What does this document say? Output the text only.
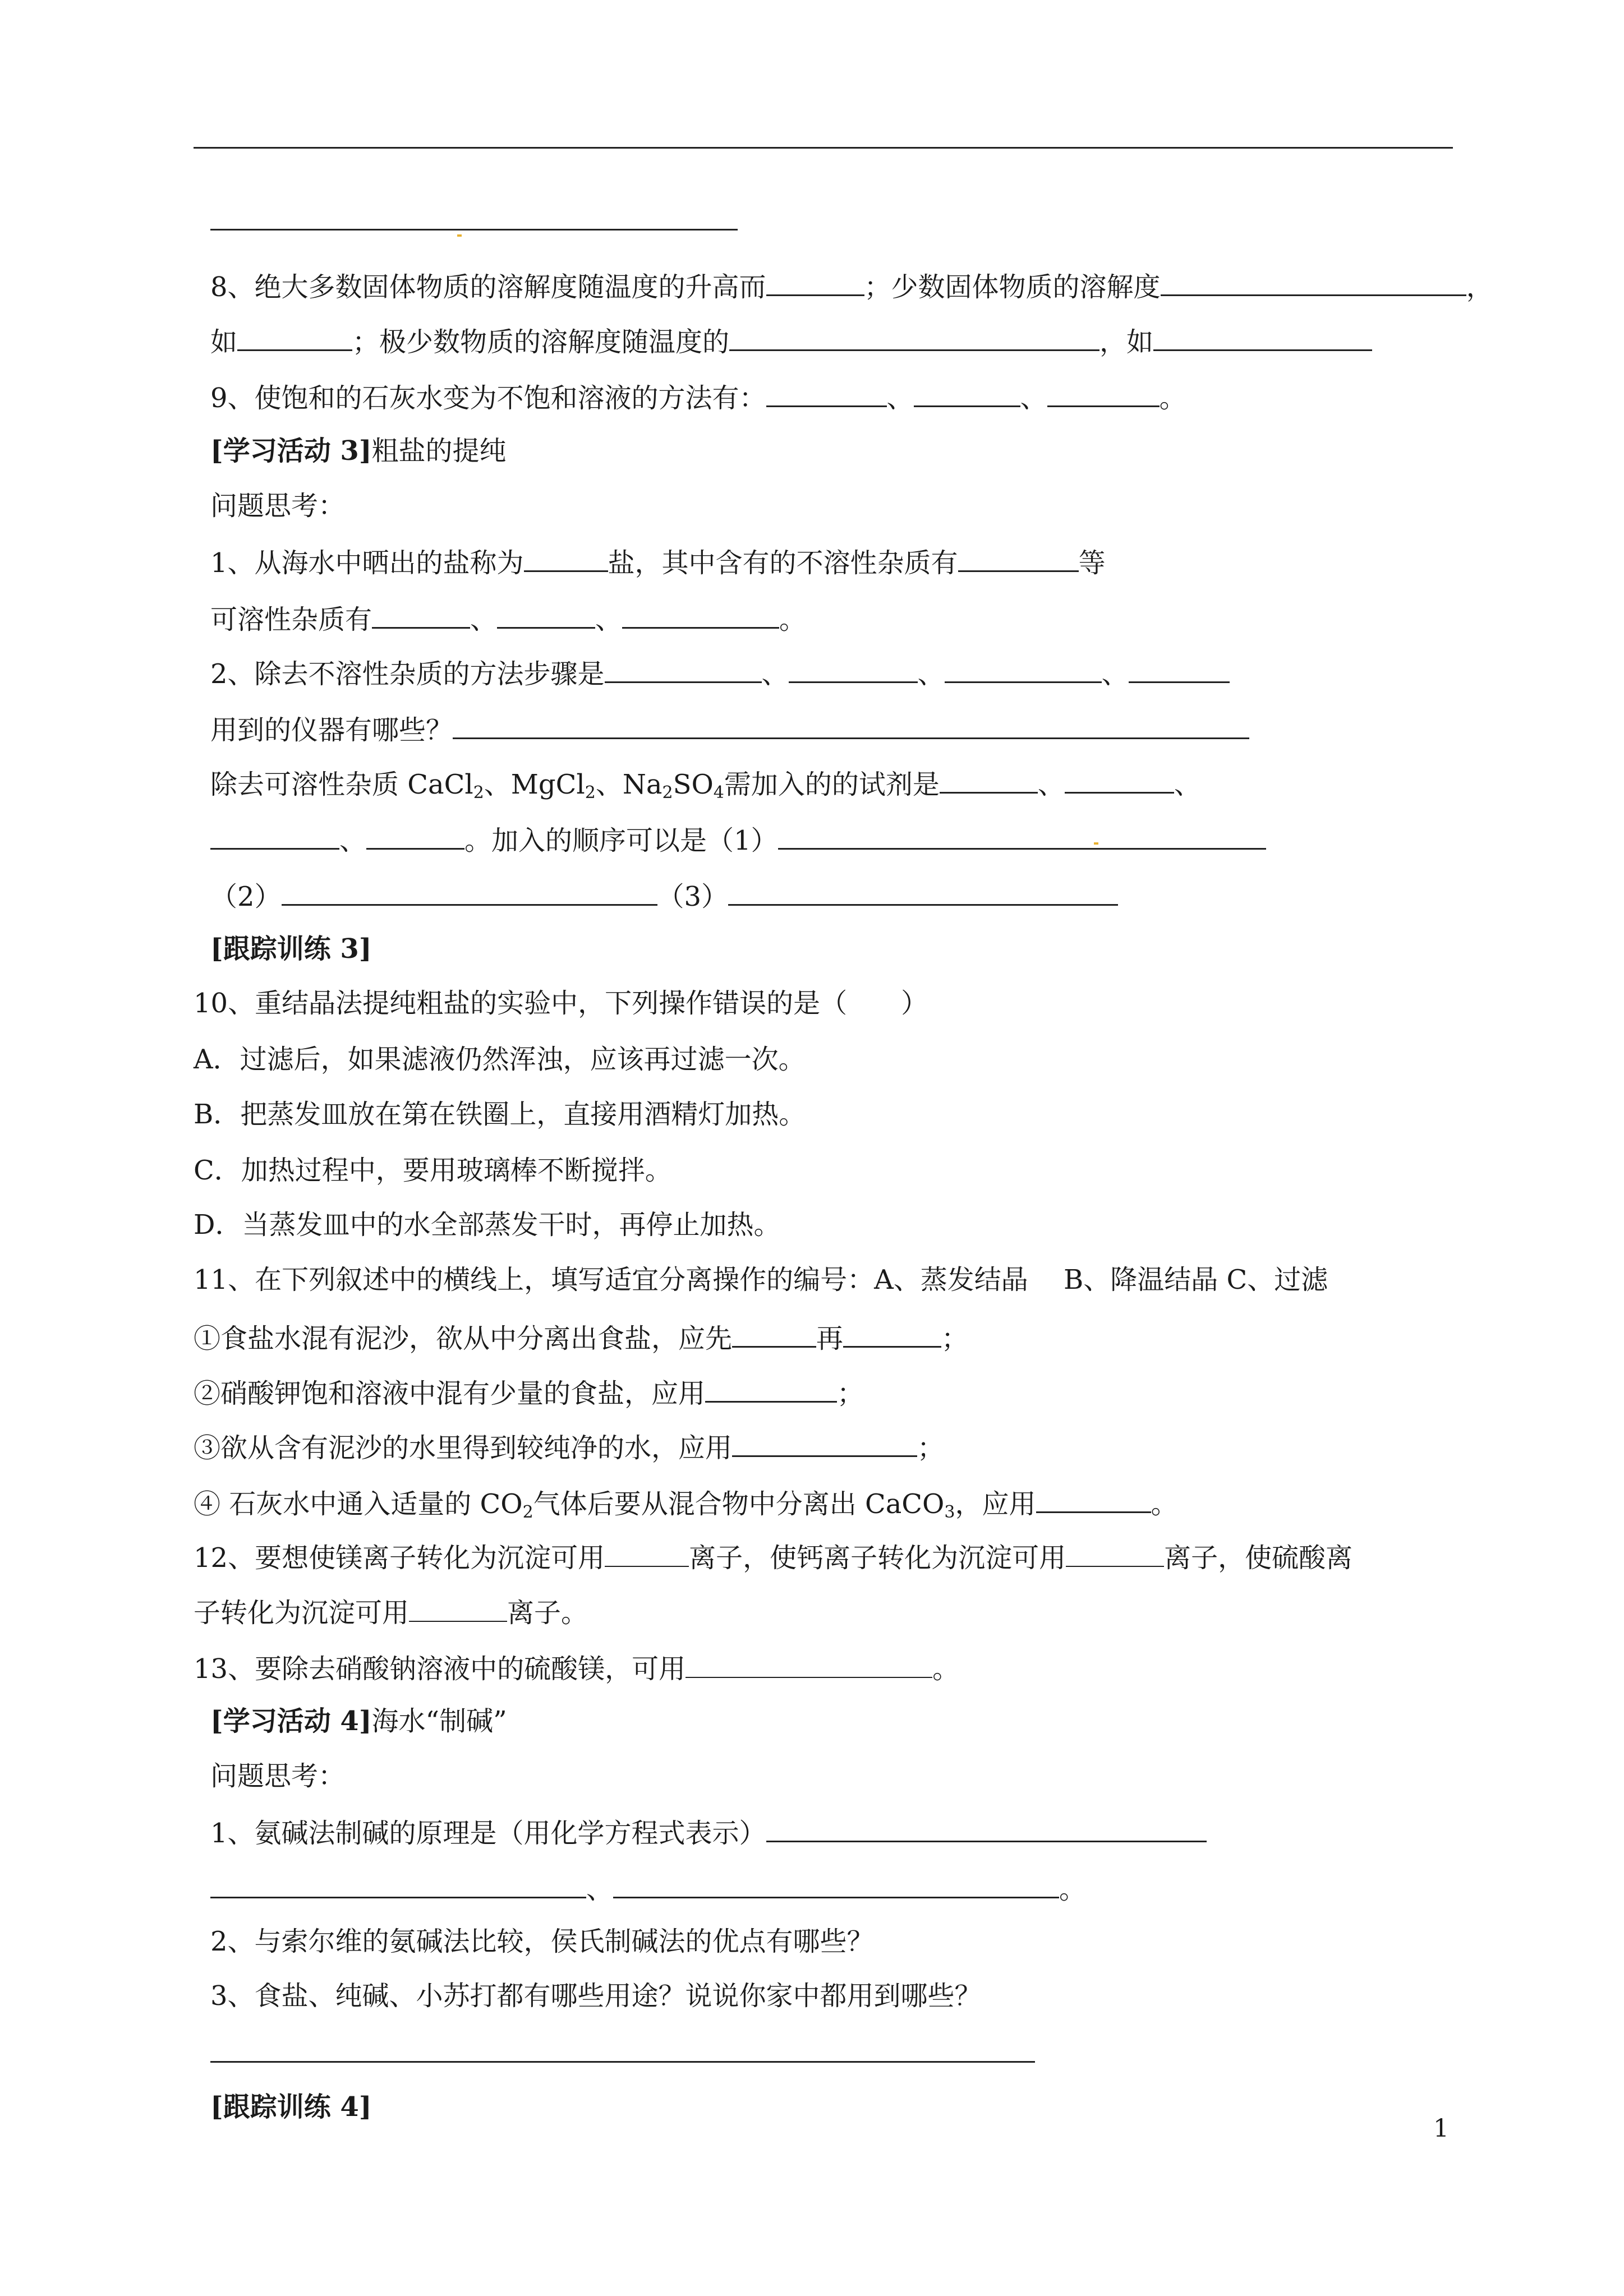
8、绝大多数固体物质的溶解度随温度的升高而	；少数固体物质的溶解度	，
如	；极少数物质的溶解度随温度的	，如
9、使饱和的石灰水变为不饱和溶液的方法有：	、	、	。
[学习活动 3]粗盐的提纯
问题思考：
1、从海水中晒出的盐称为	盐，其中含有的不溶性杂质有	等
可溶性杂质有	、	、	。
2、除去不溶性杂质的方法步骤是	、	、	、
用到的仪器有哪些？
除去可溶性杂质 CaCl$_2$、MgCl$_2$、$Na_2SO_4$需加入的的试剂是	、	、
、	。加入的顺序可以是（1）
（2）	（3）
[跟踪训练 3]
10、重结晶法提纯粗盐的实验中，下列操作错误的是（　　）
A．过滤后，如果滤液仍然浑浊，应该再过滤一次。
B．把蒸发皿放在第在铁圈上，直接用酒精灯加热。
C．加热过程中，要用玻璃棒不断搅拌。
D．当蒸发皿中的水全部蒸发干时，再停止加热。
11、在下列叙述中的横线上，填写适宜分离操作的编号：A、蒸发结晶　 B、降温结晶 C、过滤
①食盐水混有泥沙，欲从中分离出食盐，应先	再	；
②硝酸钾饱和溶液中混有少量的食盐，应用	；
③欲从含有泥沙的水里得到较纯净的水，应用	；
④ 石灰水中通入适量的 $CO_2$气体后要从混合物中分离出 CaCO$_3$，应用	。
12、要想使镁离子转化为沉淀可用	离子，使钙离子转化为沉淀可用	离子，使硫酸离
子转化为沉淀可用	离子。
13、要除去硝酸钠溶液中的硫酸镁，可用	。
[学习活动 4]海水“制碱”
问题思考：
1、氨碱法制碱的原理是（用化学方程式表示）
、	。
2、与索尔维的氨碱法比较，侯氏制碱法的优点有哪些？
3、食盐、纯碱、小苏打都有哪些用途？说说你家中都用到哪些？
[跟踪训练 4]
1
